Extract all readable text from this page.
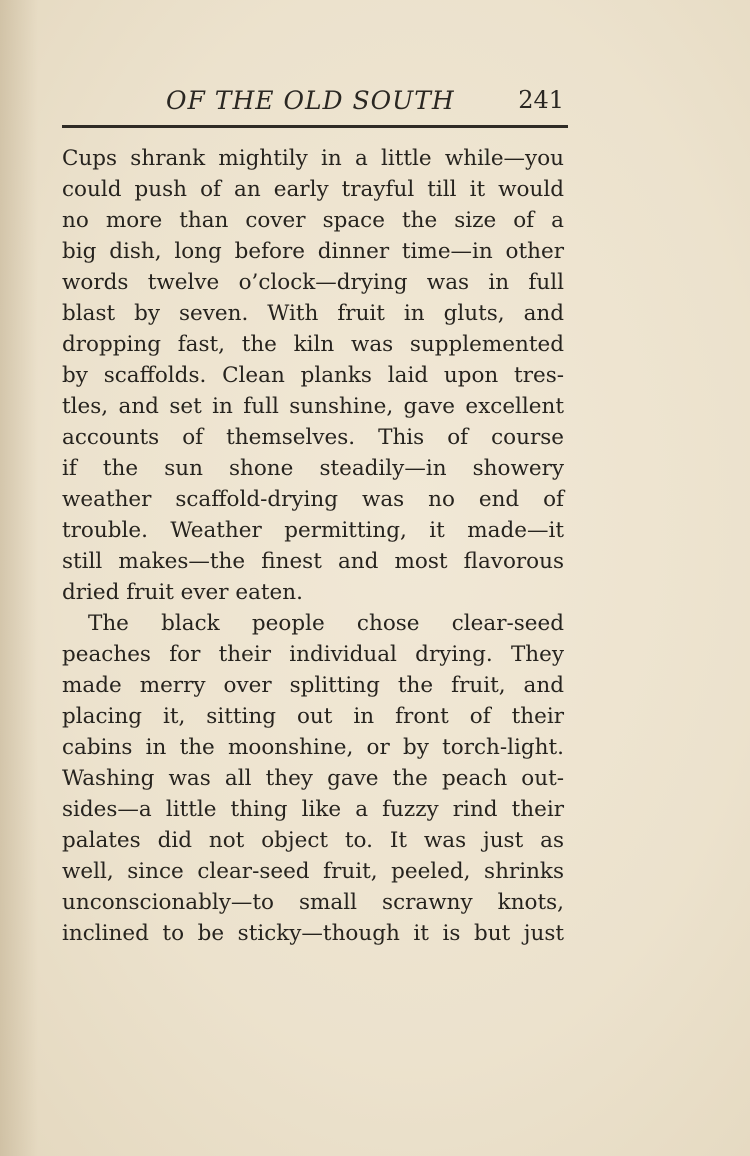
OF THE OLD SOUTH	241
Cups shrank mightily in a little while—you
could push of an early trayful till it would
no more than cover space the size of a
big dish, long before dinner time—in other
words twelve o’clock—drying was in full
blast by seven. With fruit in gluts, and
dropping fast, the kiln was supplemented
by scaffolds. Clean planks laid upon tres-
tles, and set in full sunshine, gave excellent
accounts of themselves. This of course
if the sun shone steadily—in showery
weather scaffold-drying was no end of
trouble. Weather permitting, it made—it
still makes—the finest and most flavorous
dried fruit ever eaten.
The black people chose clear-seed
peaches for their individual drying. They
made merry over splitting the fruit, and
placing it, sitting out in front of their
cabins in the moonshine, or by torch-light.
Washing was all they gave the peach out-
sides—a little thing like a fuzzy rind their
palates did not object to. It was just as
well, since clear-seed fruit, peeled, shrinks
unconscionably—to small scrawny knots,
inclined to be sticky—though it is but just
